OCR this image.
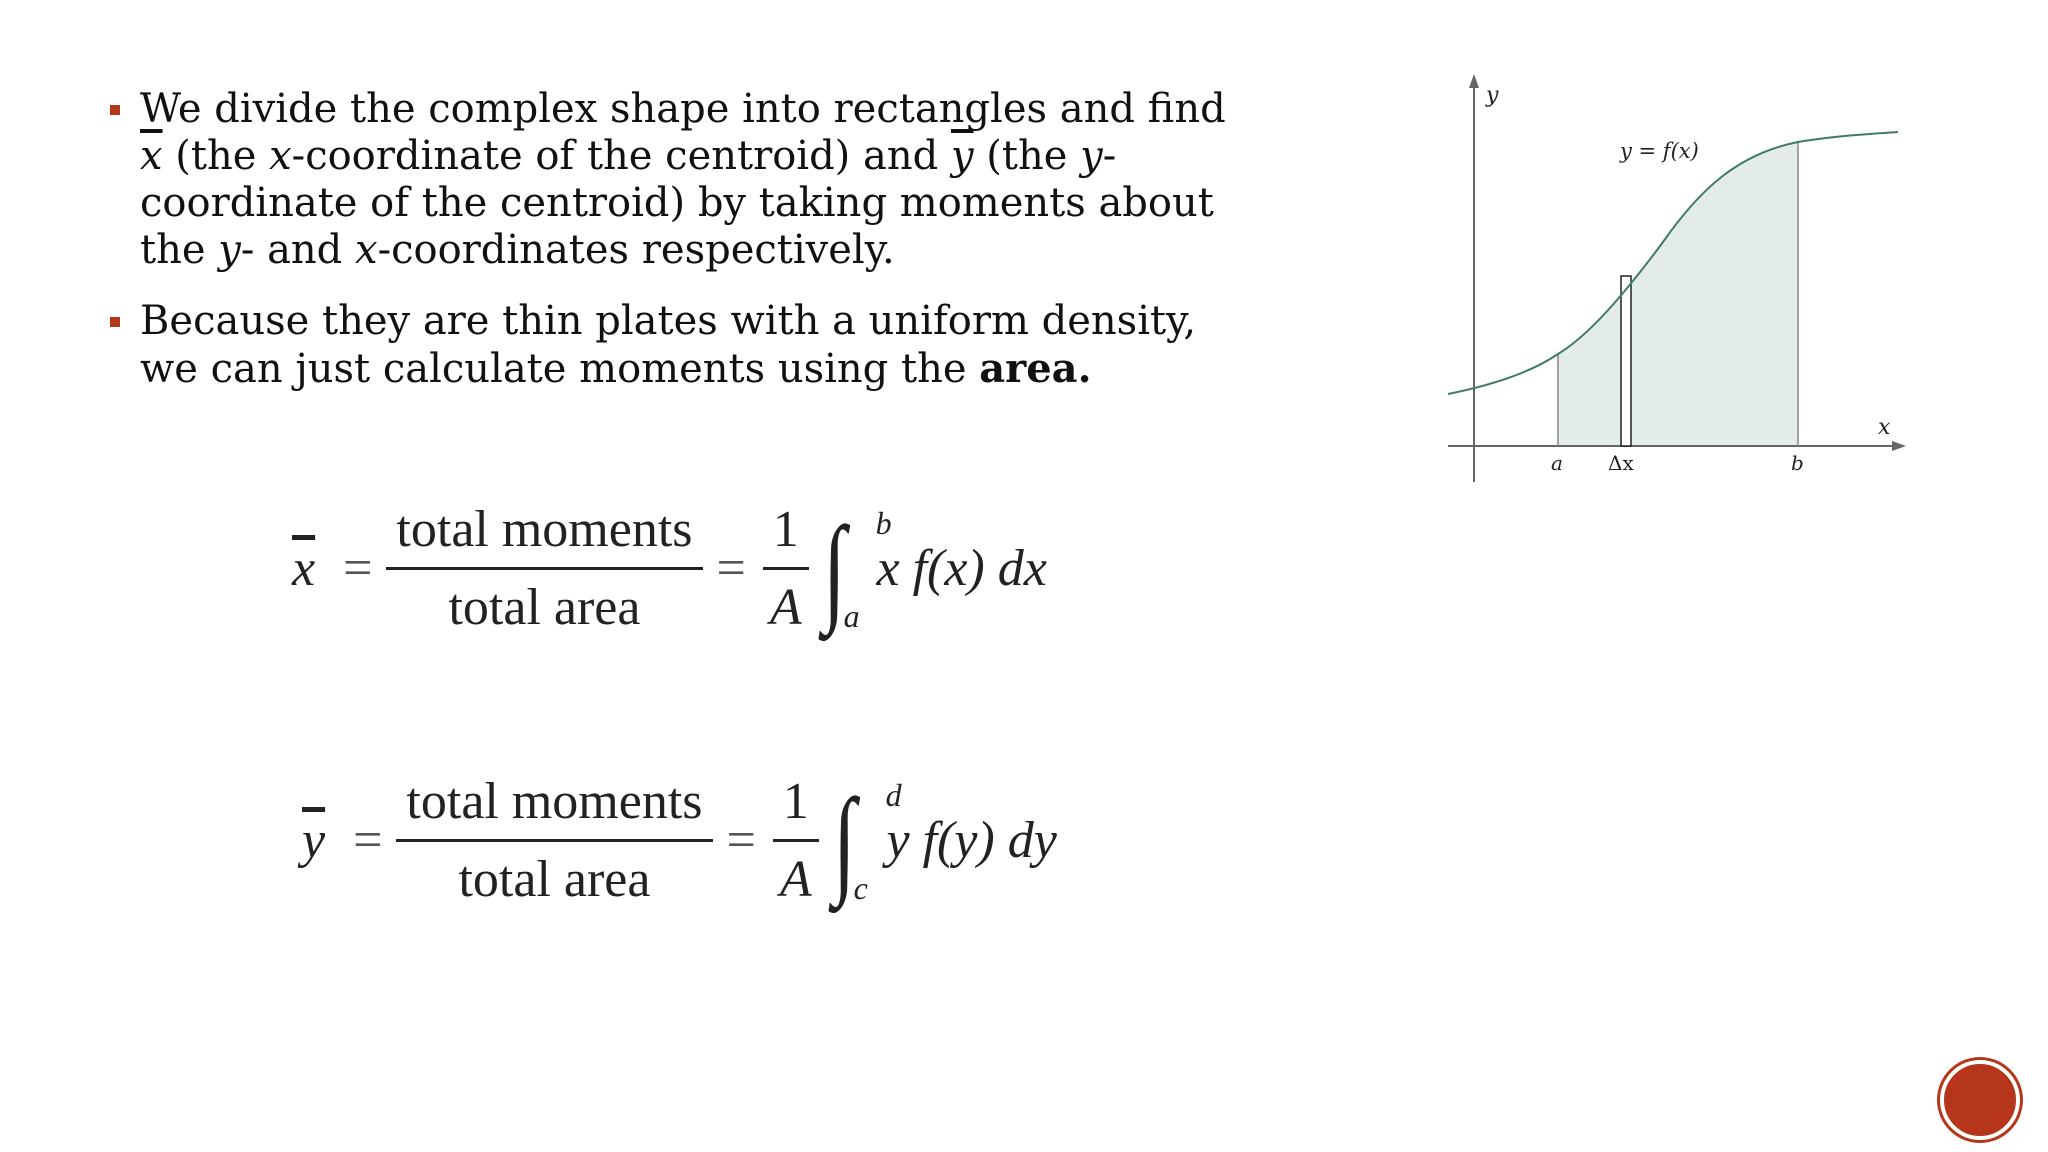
We divide the complex shape into rectangles and find $\overline{x}$ (the x-coordinate of the centroid) and $\overline{y}$ (the y-coordinate of the centroid) by taking moments about the y- and x-coordinates respectively.
Because they are thin plates with a uniform density, we can just calculate moments using the area.
y
x
y = f(x)
a Δx	b
$\overline{x} = \frac{\text{total moments}}{\text{total area}} = \frac{1}{A}$ ∫ b
a
x f(x) dx
$\overline{y} = \frac{\text{total moments}}{\text{total area}} = \frac{1}{A}$ ∫ d
c
y f(y) dy
